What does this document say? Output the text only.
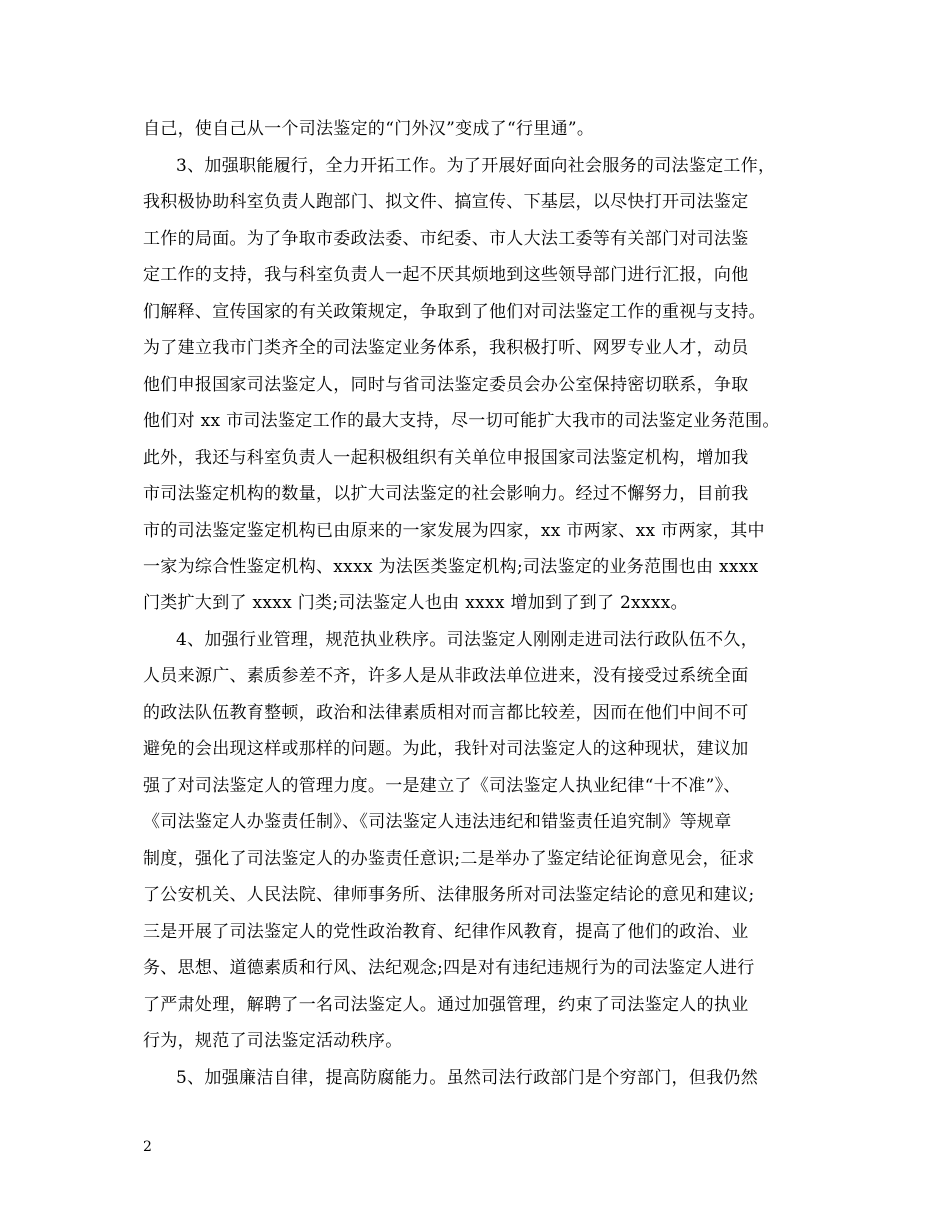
自己，使自己从一个司法鉴定的“门外汉”变成了“行里通”。
3、加强职能履行，全力开拓工作。为了开展好面向社会服务的司法鉴定工作，
我积极协助科室负责人跑部门、拟文件、搞宣传、下基层，以尽快打开司法鉴定
工作的局面。为了争取市委政法委、市纪委、市人大法工委等有关部门对司法鉴
定工作的支持，我与科室负责人一起不厌其烦地到这些领导部门进行汇报，向他
们解释、宣传国家的有关政策规定，争取到了他们对司法鉴定工作的重视与支持。
为了建立我市门类齐全的司法鉴定业务体系，我积极打听、网罗专业人才，动员
他们申报国家司法鉴定人，同时与省司法鉴定委员会办公室保持密切联系，争取
他们对 xx 市司法鉴定工作的最大支持，尽一切可能扩大我市的司法鉴定业务范围。
此外，我还与科室负责人一起积极组织有关单位申报国家司法鉴定机构，增加我
市司法鉴定机构的数量，以扩大司法鉴定的社会影响力。经过不懈努力，目前我
市的司法鉴定鉴定机构已由原来的一家发展为四家，xx 市两家、xx 市两家，其中
一家为综合性鉴定机构、xxxx 为法医类鉴定机构;司法鉴定的业务范围也由 xxxx
门类扩大到了 xxxx 门类;司法鉴定人也由 xxxx 增加到了到了 2xxxx。
4、加强行业管理，规范执业秩序。司法鉴定人刚刚走进司法行政队伍不久，
人员来源广、素质参差不齐，许多人是从非政法单位进来，没有接受过系统全面
的政法队伍教育整顿，政治和法律素质相对而言都比较差，因而在他们中间不可
避免的会出现这样或那样的问题。为此，我针对司法鉴定人的这种现状，建议加
强了对司法鉴定人的管理力度。一是建立了《司法鉴定人执业纪律“十不准”》、
《司法鉴定人办鉴责任制》、《司法鉴定人违法违纪和错鉴责任追究制》等规章
制度，强化了司法鉴定人的办鉴责任意识;二是举办了鉴定结论征询意见会，征求
了公安机关、人民法院、律师事务所、法律服务所对司法鉴定结论的意见和建议;
三是开展了司法鉴定人的党性政治教育、纪律作风教育，提高了他们的政治、业
务、思想、道德素质和行风、法纪观念;四是对有违纪违规行为的司法鉴定人进行
了严肃处理，解聘了一名司法鉴定人。通过加强管理，约束了司法鉴定人的执业
行为，规范了司法鉴定活动秩序。
5、加强廉洁自律，提高防腐能力。虽然司法行政部门是个穷部门，但我仍然
2
